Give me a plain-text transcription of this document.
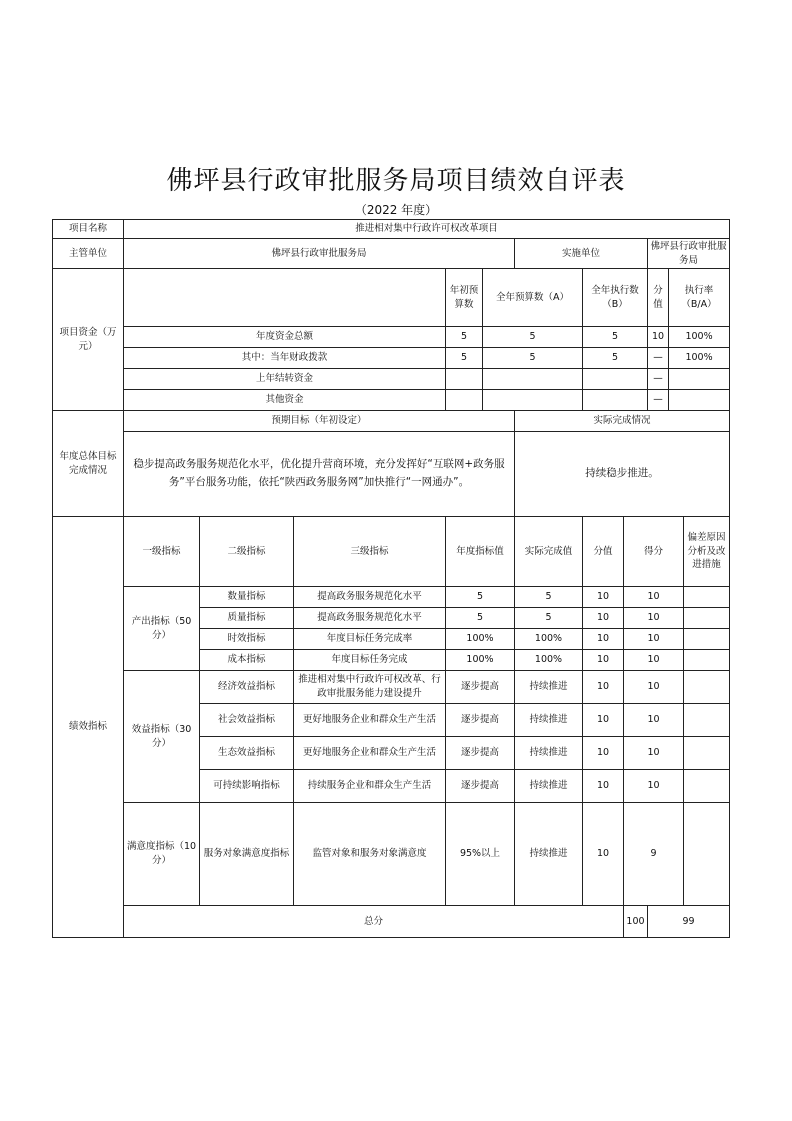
佛坪县行政审批服务局项目绩效自评表
（2022 年度）
项目名称	推进相对集中行政许可权改革项目											
主管单位	佛坪县行政审批服务局					实施单位			佛坪县行政审批服务局			
项目资金（万元）				年初预算数	全年预算数（A）		全年执行数（B）		分值	执行率（B/A）		
	年度资金总额			5	5		5		10	100%		
	其中：当年财政拨款			5	5		5		—	100%		
	上年结转资金								—			
	其他资金								—			
年度总体目标完成情况	预期目标（年初设定）					实际完成情况						
	稳步提高政务服务规范化水平，优化提升营商环境，充分发挥好“互联网+政务服务”平台服务功能，依托“陕西政务服务网”加快推行“一网通办”。					持续稳步推进。						
绩效指标	一级指标	二级指标	三级指标	年度指标值		实际完成值	分值	得分			偏差原因分析及改进措施	
	产出指标（50 分）	数量指标	提高政务服务规范化水平	5		5	10	10				
		质量指标	提高政务服务规范化水平	5		5	10	10				
		时效指标	年度目标任务完成率	100%		100%	10	10				
		成本指标	年度目标任务完成	100%		100%	10	10				
	效益指标（30 分）	经济效益指标	推进相对集中行政许可权改革、行政审批服务能力建设提升	逐步提高		持续推进	10	10				
		社会效益指标	更好地服务企业和群众生产生活	逐步提高		持续推进	10	10				
		生态效益指标	更好地服务企业和群众生产生活	逐步提高		持续推进	10	10				
		可持续影响指标	持续服务企业和群众生产生活	逐步提高		持续推进	10	10				
	满意度指标（10 分）	服务对象满意度指标	监管对象和服务对象满意度	95%以上		持续推进	10	9				
	总分							100	99			
